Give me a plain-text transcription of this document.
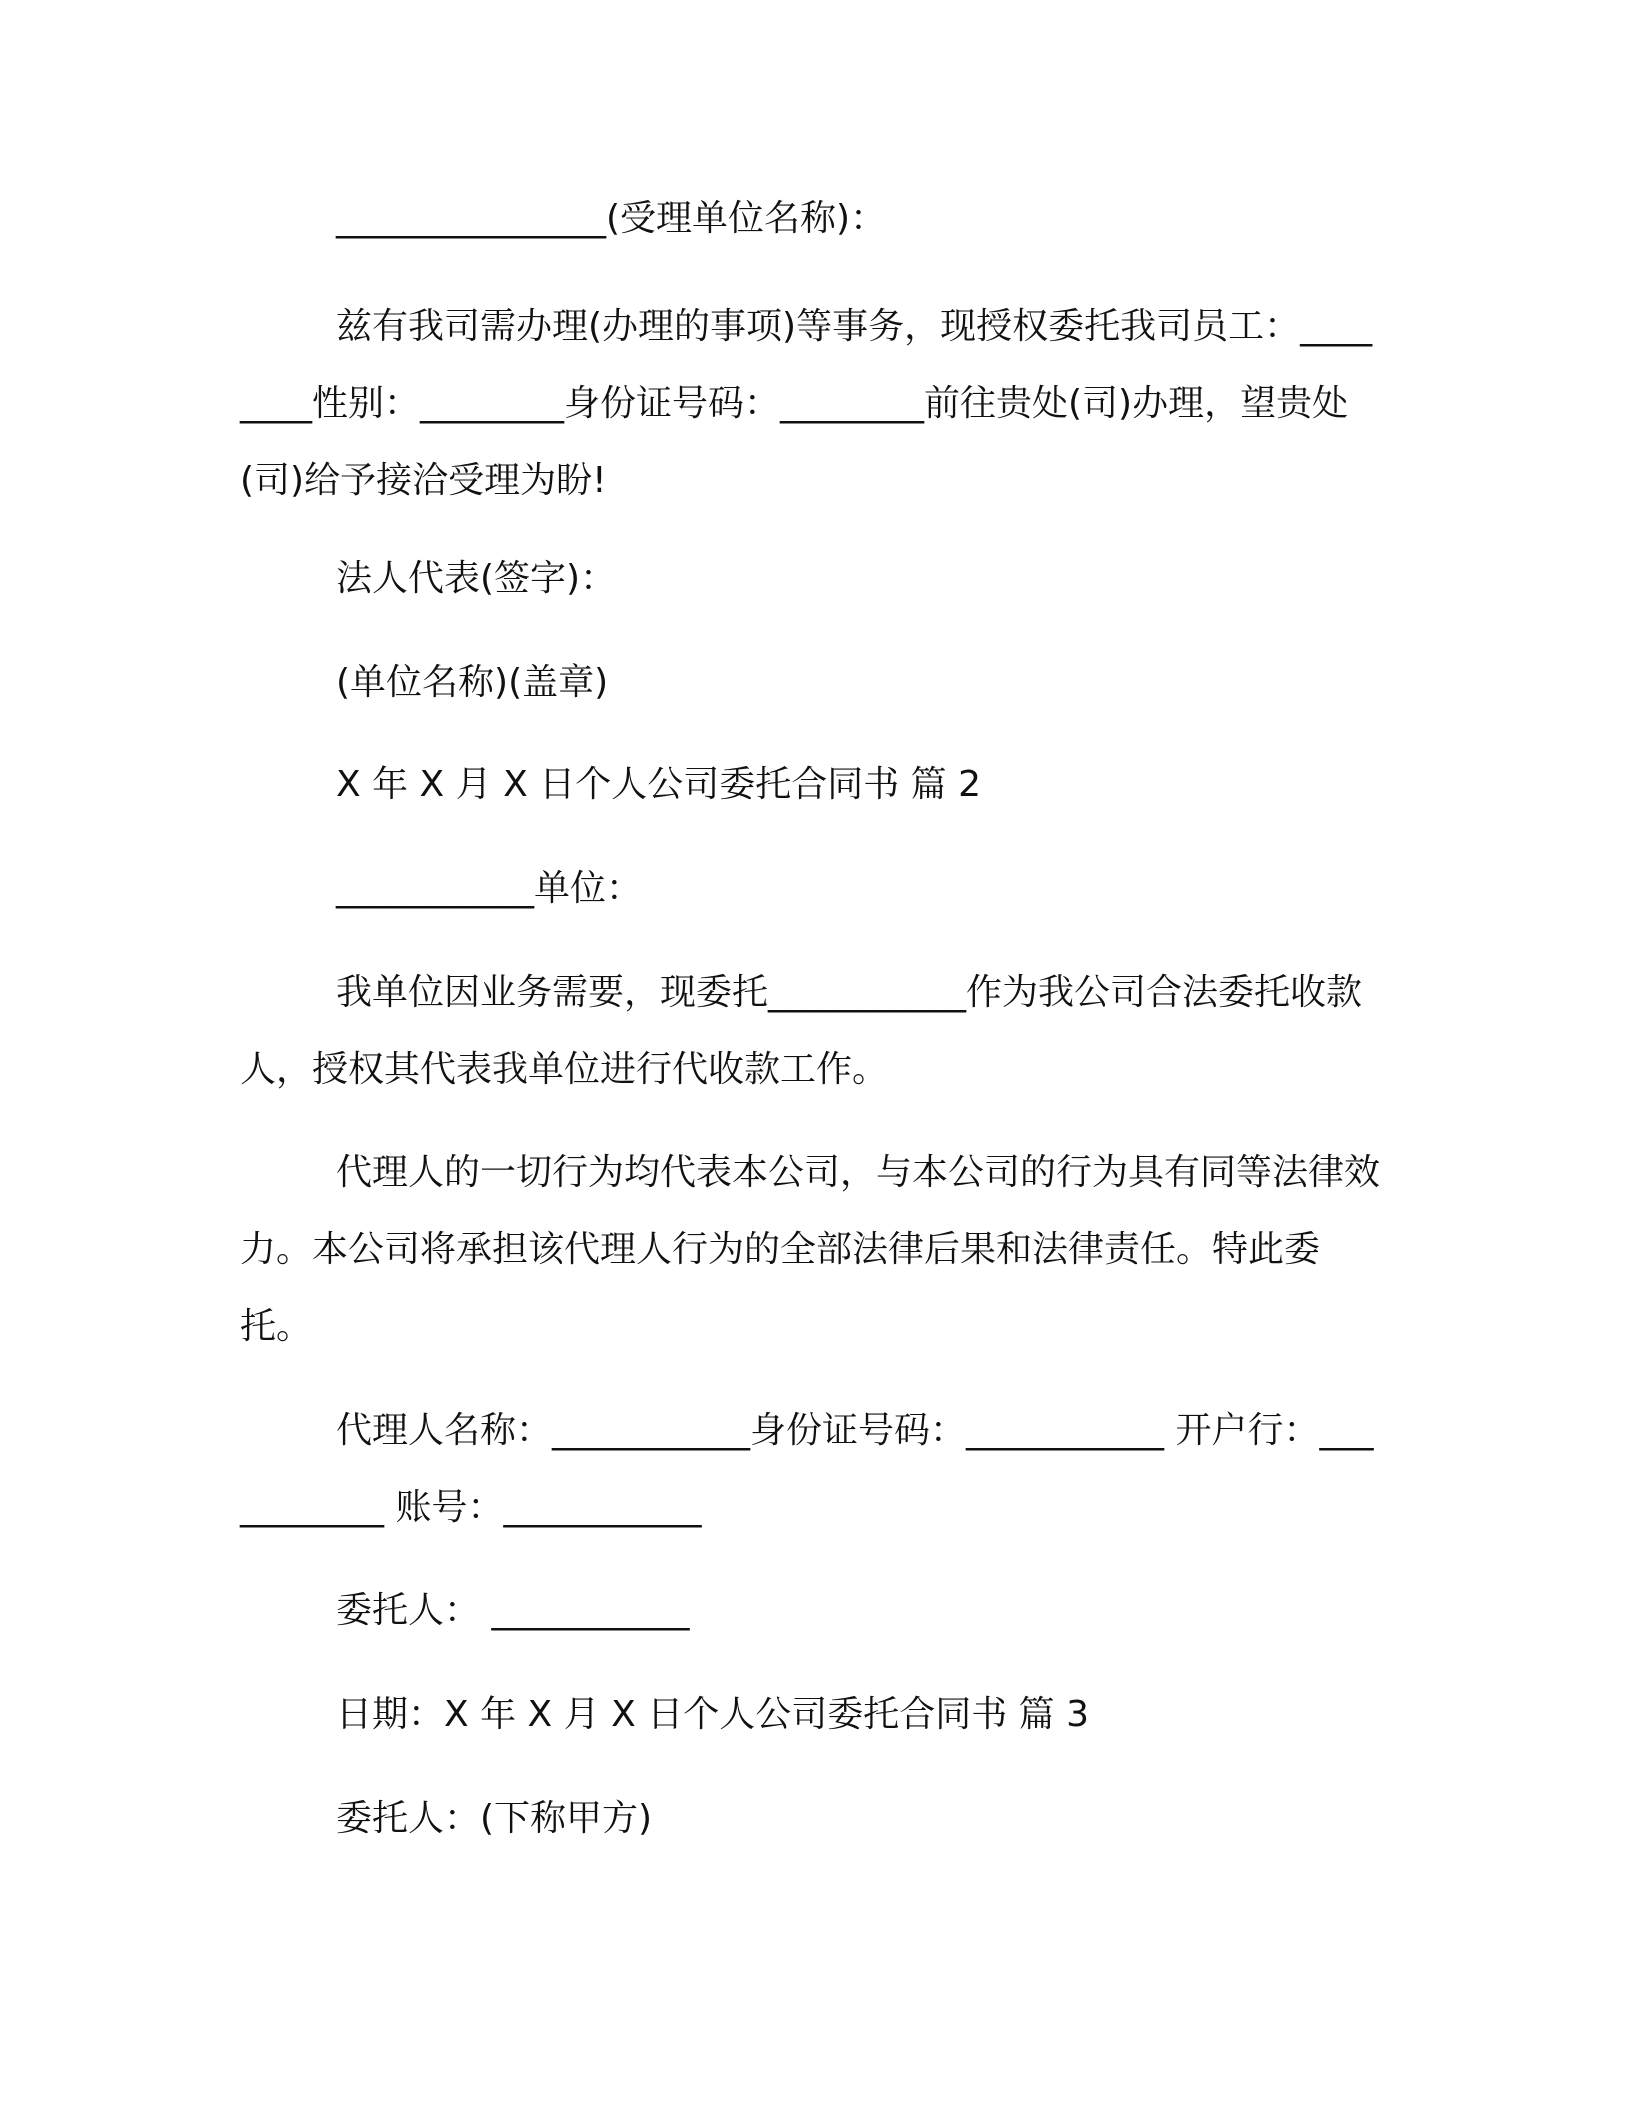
_______________(受理单位名称)：

兹有我司需办理(办理的事项)等事务，现授权委托我司员工：________性别：________身份证号码：________前往贵处(司)办理，望贵处(司)给予接洽受理为盼!

法人代表(签字)：

(单位名称)(盖章)

X 年 X 月 X 日个人公司委托合同书 篇 2

___________单位：

我单位因业务需要，现委托___________作为我公司合法委托收款人，授权其代表我单位进行代收款工作。

代理人的一切行为均代表本公司，与本公司的行为具有同等法律效力。本公司将承担该代理人行为的全部法律后果和法律责任。特此委托。

代理人名称：___________身份证号码：___________ 开户行：___________ 账号：___________

委托人： ___________

日期：X 年 X 月 X 日个人公司委托合同书 篇 3

委托人：(下称甲方)
